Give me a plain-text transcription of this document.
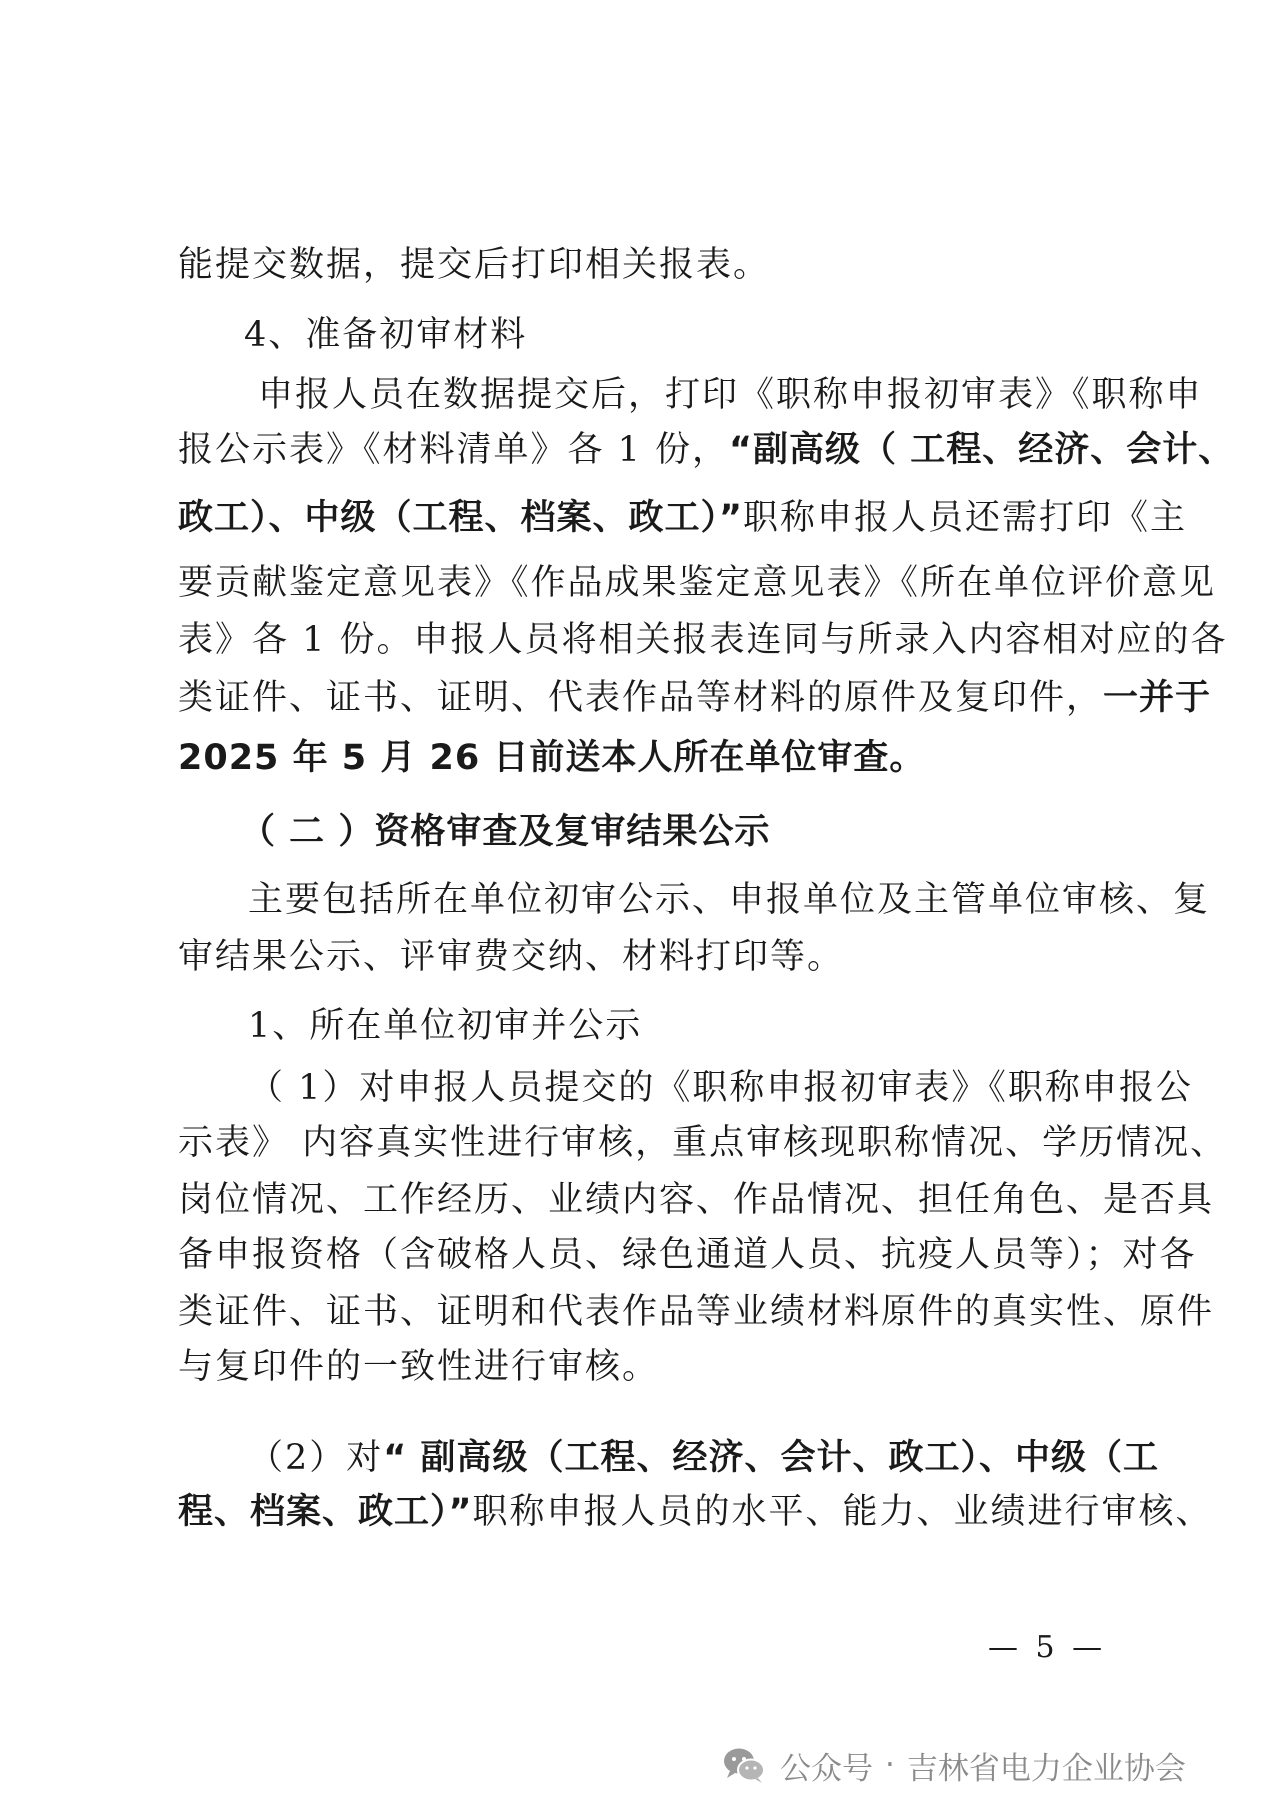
能提交数据，提交后打印相关报表。

4、准备初审材料

申报人员在数据提交后，打印《职称申报初审表》《职称申

报公示表》《材料清单》各 1 份，“副高级（ 工程、经济、会计、

政工）、中级（工程、档案、政工）”职称申报人员还需打印《主

要贡献鉴定意见表》《作品成果鉴定意见表》《所在单位评价意见

表》各 1 份。申报人员将相关报表连同与所录入内容相对应的各

类证件、证书、证明、代表作品等材料的原件及复印件，一并于

2025 年 5 月 26 日前送本人所在单位审查。

（ 二 ）资格审查及复审结果公示

主要包括所在单位初审公示、申报单位及主管单位审核、复

审结果公示、评审费交纳、材料打印等。

1、所在单位初审并公示

（ 1）对申报人员提交的《职称申报初审表》《职称申报公

示表》 内容真实性进行审核，重点审核现职称情况、学历情况、

岗位情况、工作经历、业绩内容、作品情况、担任角色、是否具

备申报资格（含破格人员、绿色通道人员、抗疫人员等）；对各

类证件、证书、证明和代表作品等业绩材料原件的真实性、原件

与复印件的一致性进行审核。

（2）对“ 副高级（工程、经济、会计、政工）、中级（工

程、档案、政工）”职称申报人员的水平、能力、业绩进行审核、

— 5 —
公众号 · 吉林省电力企业协会
